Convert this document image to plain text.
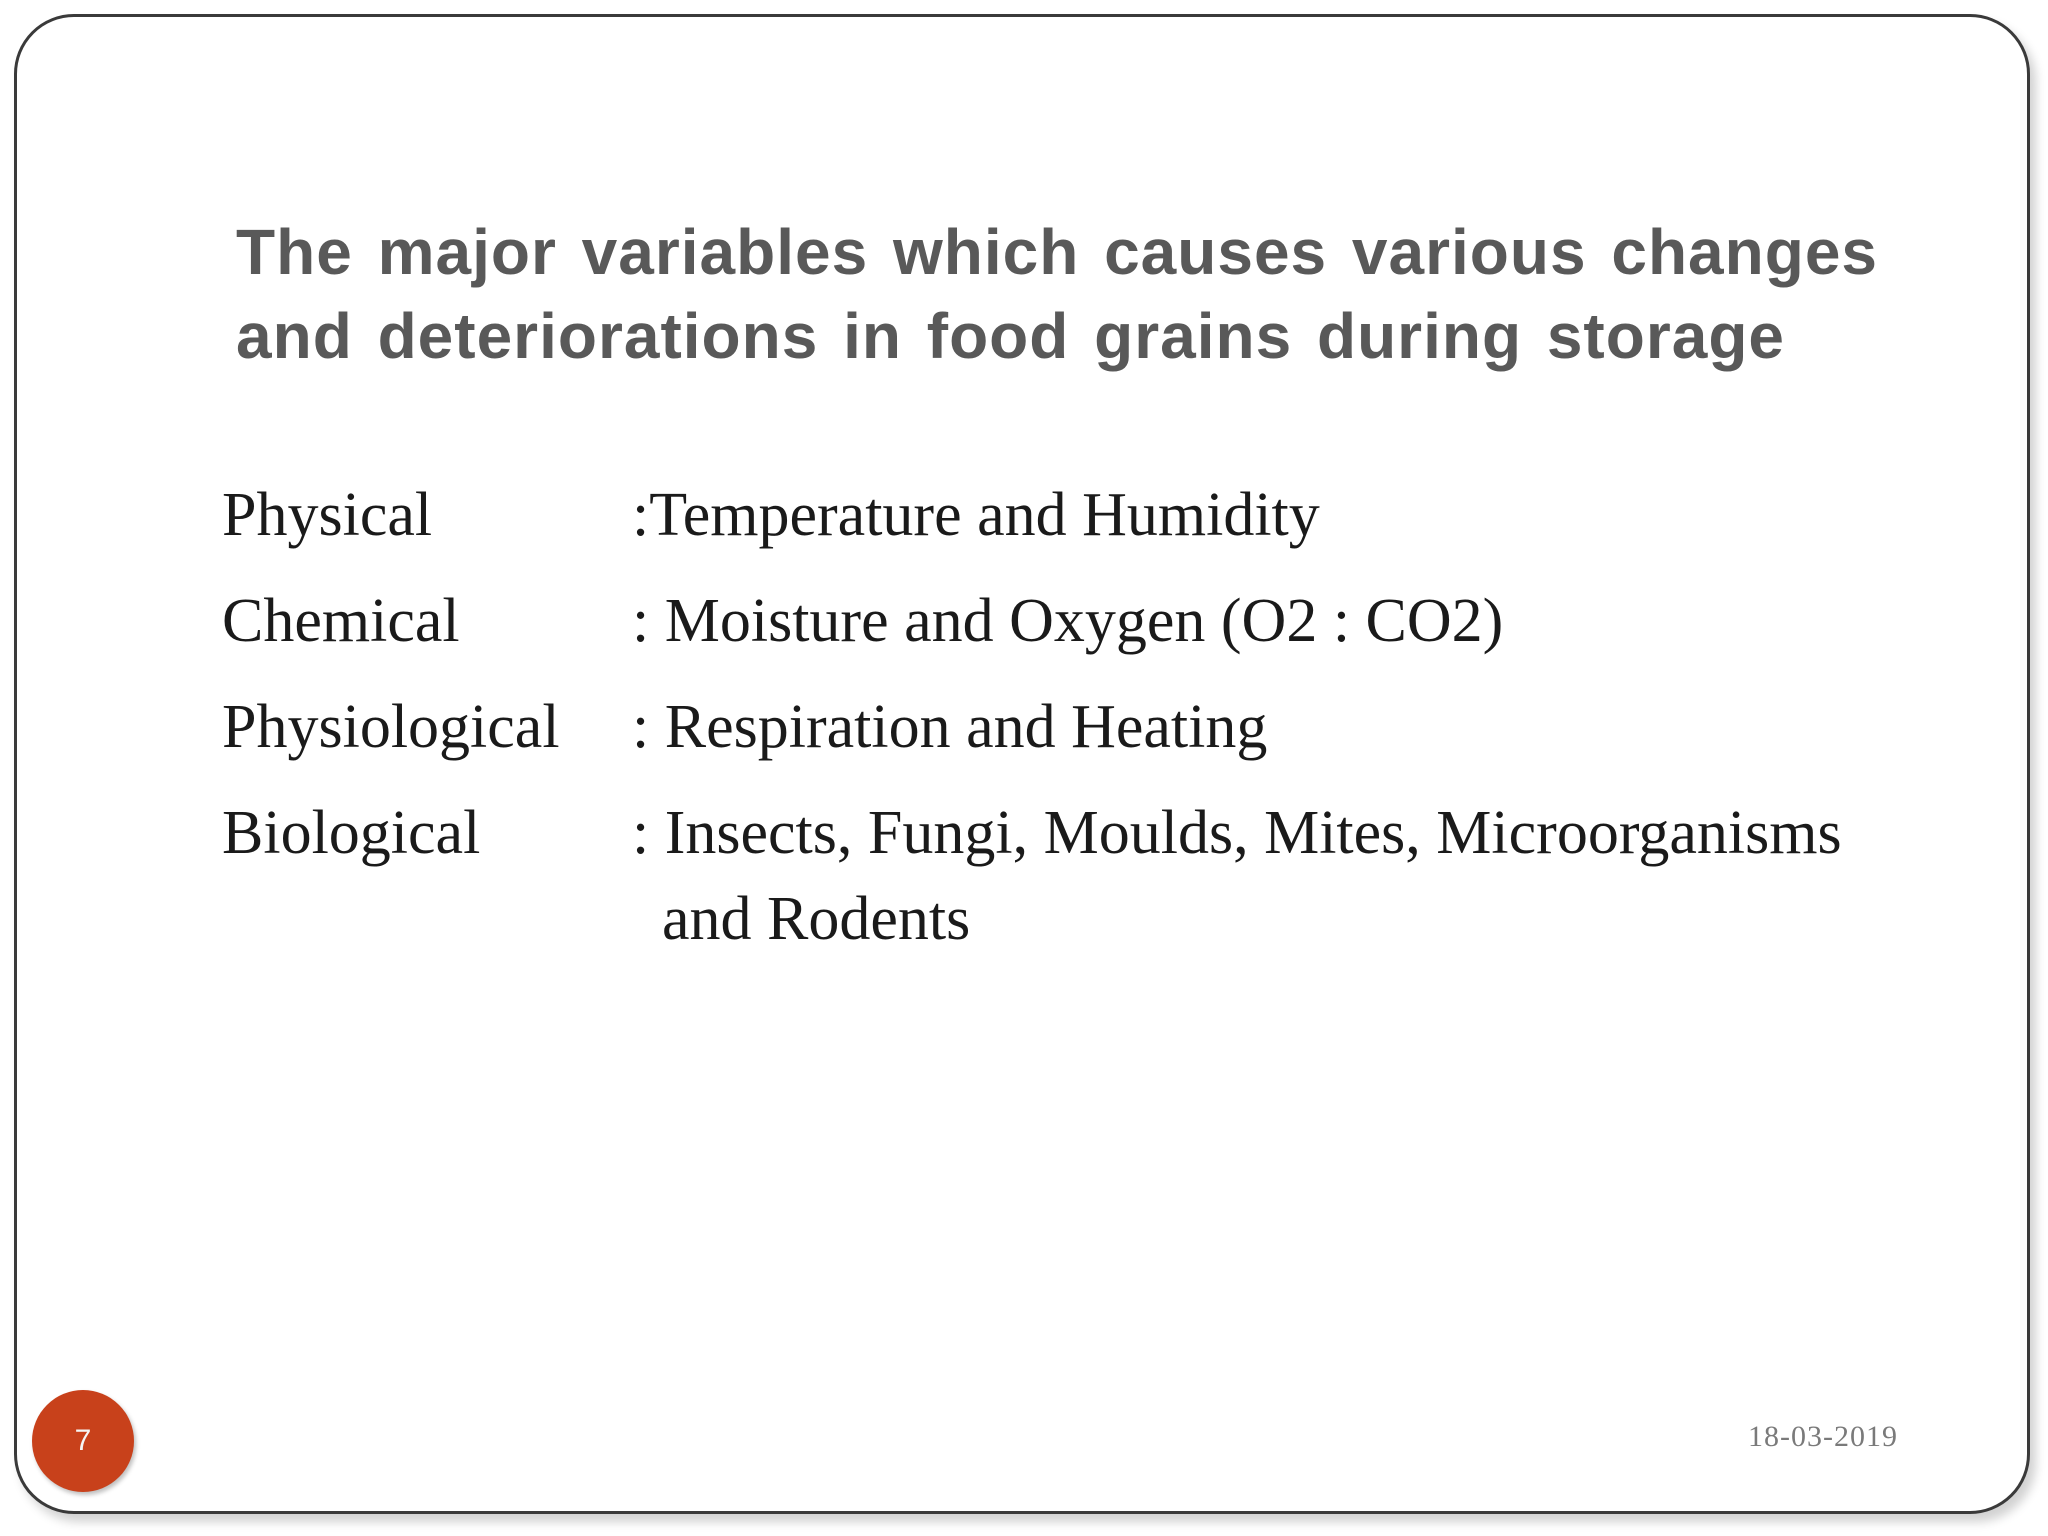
The major variables which causes various changes
and deteriorations in food grains during storage
Physical	:Temperature and Humidity
Chemical	: Moisture and Oxygen (O2 : CO2)
Physiological : Respiration and Heating
Biological : Insects, Fungi, Moulds, Mites, Microorganisms
and Rodents
7	18-03-2019
